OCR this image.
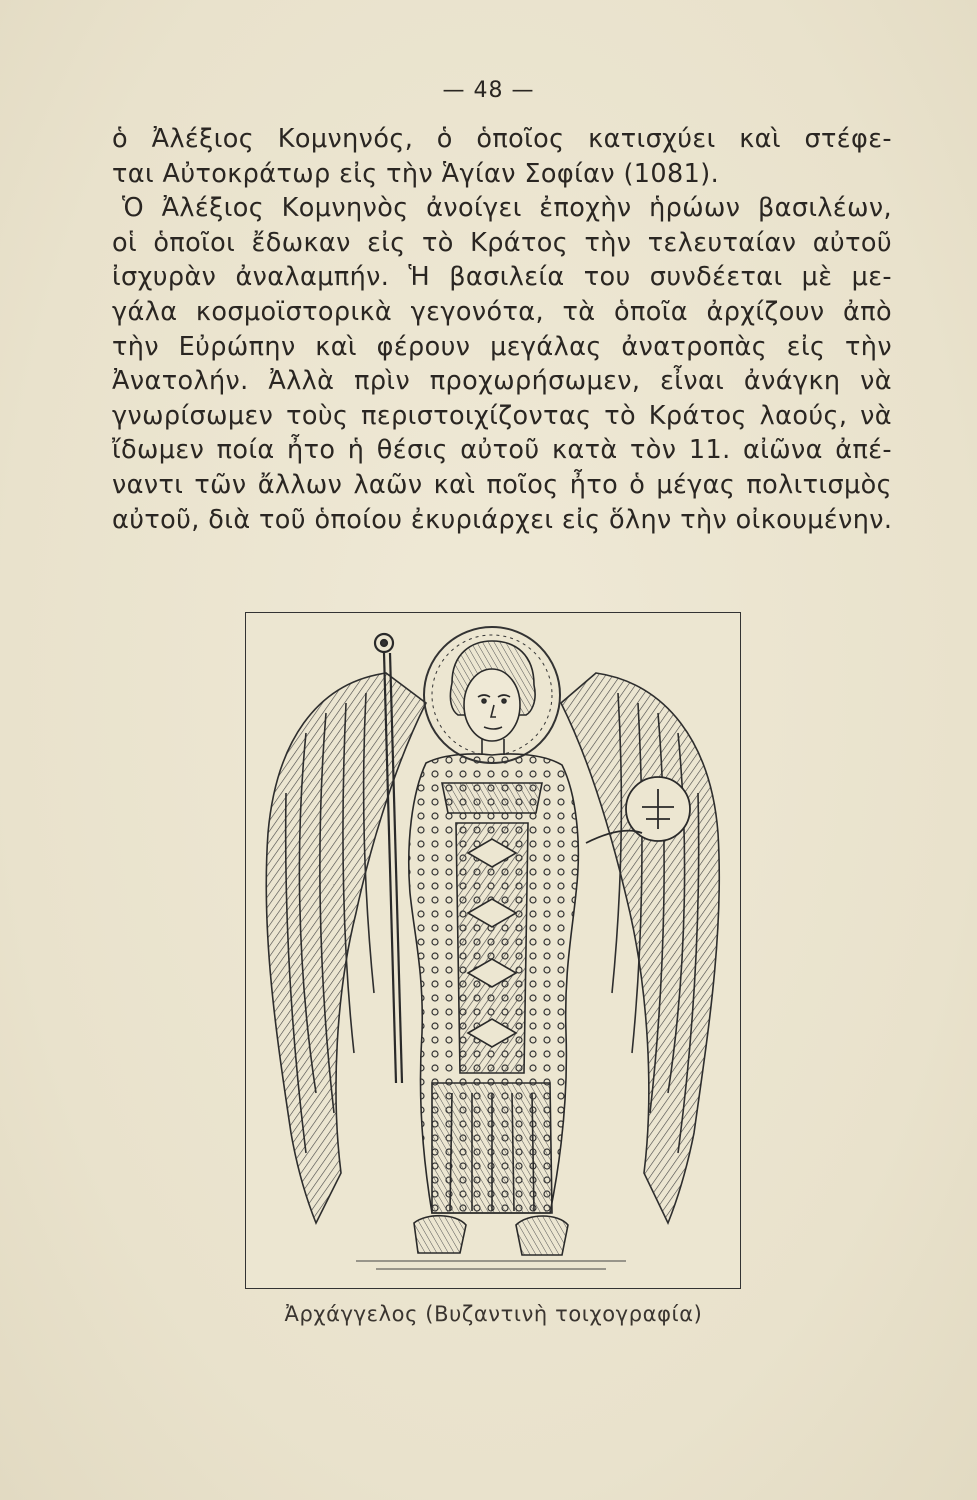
— 48 —
ὁ Ἀλέξιος Κομνηνός, ὁ ὁποῖος κατισχύει καὶ στέφε-
ται Αὐτοκράτωρ εἰς τὴν Ἁγίαν Σοφίαν (1081).
Ὁ Ἀλέξιος Κομνηνὸς ἀνοίγει ἐποχὴν ἡρώων βασιλέων,
οἱ ὁποῖοι ἔδωκαν εἰς τὸ Κράτος τὴν τελευταίαν αὐτοῦ
ἰσχυρὰν ἀναλαμπήν. Ἡ βασιλεία του συνδέεται μὲ με-
γάλα κοσμοϊστορικὰ γεγονότα, τὰ ὁποῖα ἀρχίζουν ἀπὸ
τὴν Εὐρώπην καὶ φέρουν μεγάλας ἀνατροπὰς εἰς τὴν
Ἀνατολήν. Ἀλλὰ πρὶν προχωρήσωμεν, εἶναι ἀνάγκη νὰ
γνωρίσωμεν τοὺς περιστοιχίζοντας τὸ Κράτος λαούς, νὰ
ἴδωμεν ποία ἦτο ἡ θέσις αὐτοῦ κατὰ τὸν 11. αἰῶνα ἀπέ-
ναντι τῶν ἄλλων λαῶν καὶ ποῖος ἦτο ὁ μέγας πολιτισμὸς
αὐτοῦ, διὰ τοῦ ὁποίου ἐκυριάρχει εἰς ὅλην τὴν οἰκουμένην.
Ἀρχάγγελος (Βυζαντινὴ τοιχογραφία)
